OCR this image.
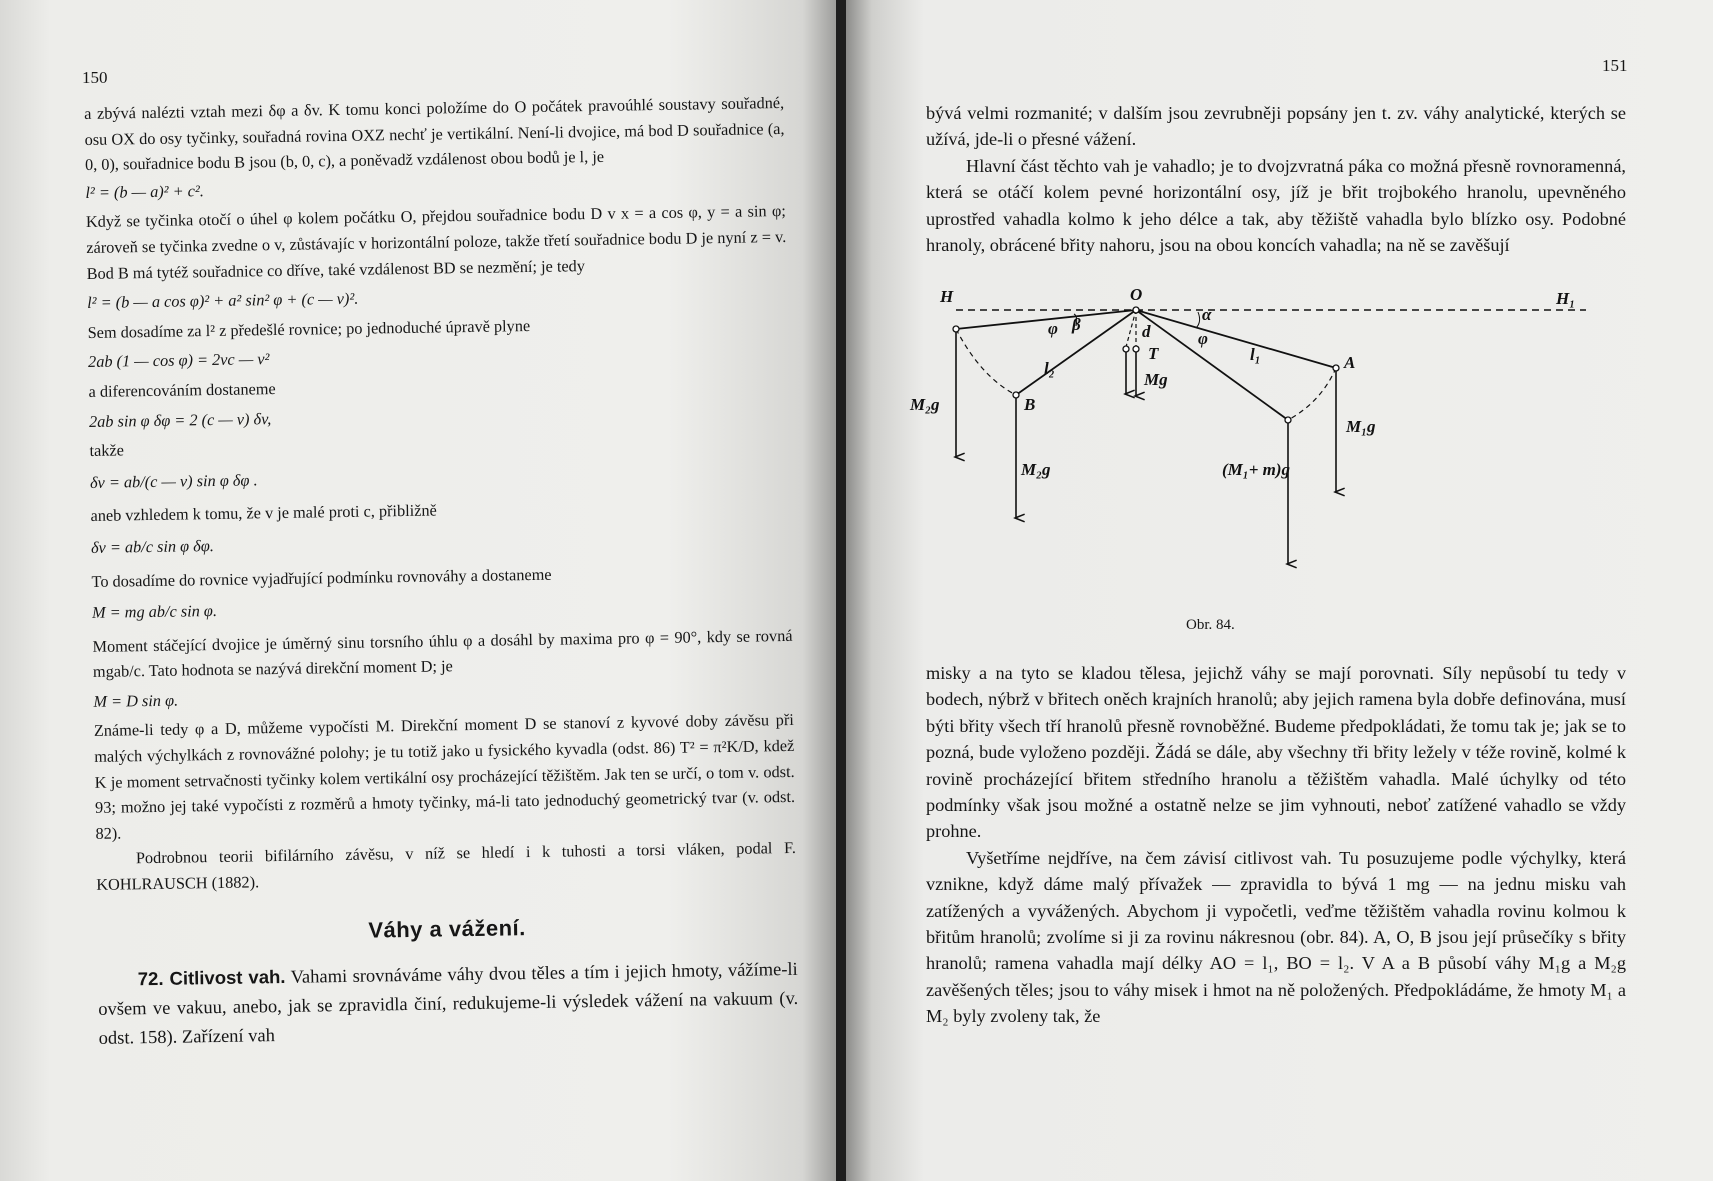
150

a zbývá nalézti vztah mezi δφ a δv. K tomu konci položíme do O počátek pravoúhlé soustavy souřadné, osu OX do osy tyčinky, souřadná rovina OXZ nechť je vertikální. Není-li dvojice, má bod D souřadnice (a, 0, 0), souřadnice bodu B jsou (b, 0, c), a poněvadž vzdálenost obou bodů je l, je

l² = (b — a)² + c².

Když se tyčinka otočí o úhel φ kolem počátku O, přejdou souřadnice bodu D v x = a cos φ, y = a sin φ; zároveň se tyčinka zvedne o v, zůstávajíc v horizontální poloze, takže třetí souřadnice bodu D je nyní z = v. Bod B má tytéž souřadnice co dříve, také vzdálenost BD se nezmění; je tedy

l² = (b — a cos φ)² + a² sin² φ + (c — v)².

Sem dosadíme za l² z předešlé rovnice; po jednoduché úpravě plyne

2ab (1 — cos φ) = 2vc — v²

a diferencováním dostaneme

2ab sin φ δφ = 2 (c — v) δv,

takže

δv = ab/(c — v) sin φ δφ .

aneb vzhledem k tomu, že v je malé proti c, přibližně

δv = ab/c sin φ δφ.

To dosadíme do rovnice vyjadřující podmínku rovnováhy a dostaneme

M = mg ab/c sin φ.

Moment stáčející dvojice je úměrný sinu torsního úhlu φ a dosáhl by maxima pro φ = 90°, kdy se rovná mgab/c. Tato hodnota se nazývá direkční moment D; je

M = D sin φ.

Známe-li tedy φ a D, můžeme vypočísti M. Direkční moment D se stanoví z kyvové doby závěsu při malých výchylkách z rovnovážné polohy; je tu totiž jako u fysického kyvadla (odst. 86) T² = π²K/D, kdež K je moment setrvačnosti tyčinky kolem vertikální osy procházející těžištěm. Jak ten se určí, o tom v. odst. 93; možno jej také vypočísti z rozměrů a hmoty tyčinky, má-li tato jednoduchý geometrický tvar (v. odst. 82).

Podrobnou teorii bifilárního závěsu, v níž se hledí i k tuhosti a torsi vláken, podal F. KOHLRAUSCH (1882).

Váhy a vážení.

72. Citlivost vah. Vahami srovnáváme váhy dvou těles a tím i jejich hmoty, vážíme-li ovšem ve vakuu, anebo, jak se zpravidla činí, redukujeme-li výsledek vážení na vakuum (v. odst. 158). Zařízení vah

151

bývá velmi rozmanité; v dalším jsou zevrubněji popsány jen t. zv. váhy analytické, kterých se užívá, jde-li o přesné vážení.

Hlavní část těchto vah je vahadlo; je to dvojzvratná páka co možná přesně rovnoramenná, která se otáčí kolem pevné horizontální osy, jíž je břit trojbokého hranolu, upevněného uprostřed vahadla kolmo k jeho délce a tak, aby těžiště vahadla bylo blízko osy. Podobné hranoly, obrácené břity nahoru, jsou na obou koncích vahadla; na ně se zavěšují

H	H₁
O
φ β
α
φ
d
T
Mg
l₂
l₁	A
B
M₂g
M₂g
M₁g
(M₁+ m)g
Obr. 84.

misky a na tyto se kladou tělesa, jejichž váhy se mají porovnati. Síly nepůsobí tu tedy v bodech, nýbrž v břitech oněch krajních hranolů; aby jejich ramena byla dobře definována, musí býti břity všech tří hranolů přesně rovnoběžné. Budeme předpokládati, že tomu tak je; jak se to pozná, bude vyloženo později. Žádá se dále, aby všechny tři břity ležely v téže rovině, kolmé k rovině procházející břitem středního hranolu a těžištěm vahadla. Malé úchylky od této podmínky však jsou možné a ostatně nelze se jim vyhnouti, neboť zatížené vahadlo se vždy prohne.

Vyšetříme nejdříve, na čem závisí citlivost vah. Tu posuzujeme podle výchylky, která vznikne, když dáme malý přívažek — zpravidla to bývá 1 mg — na jednu misku vah zatížených a vyvážených. Abychom ji vypočetli, veďme těžištěm vahadla rovinu kolmou k břitům hranolů; zvolíme si ji za rovinu nákresnou (obr. 84). A, O, B jsou její průsečíky s břity hranolů; ramena vahadla mají délky AO = l₁, BO = l₂. V A a B působí váhy M₁g a M₂g zavěšených těles; jsou to váhy misek i hmot na ně položených. Předpokládáme, že hmoty M₁ a M₂ byly zvoleny tak, že
